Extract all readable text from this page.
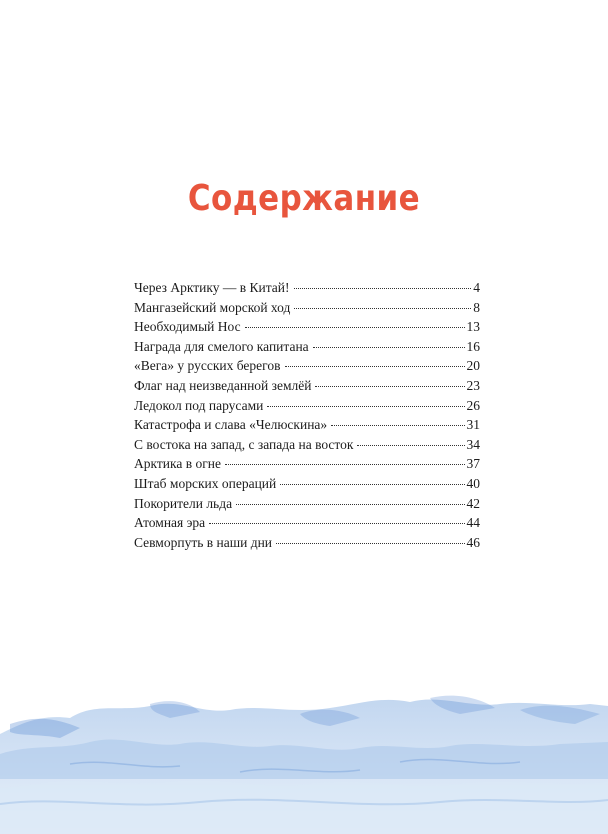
Содержание
Через Арктику — в Китай!	4
Мангазейский морской ход	8
Необходимый Нос	13
Награда для смелого капитана	16
«Вега» у русских берегов	20
Флаг над неизведанной землёй	23
Ледокол под парусами	26
Катастрофа и слава «Челюскина»	31
С востока на запад, с запада на восток	34
Арктика в огне	37
Штаб морских операций	40
Покорители льда	42
Атомная эра	44
Севморпуть в наши дни	46
